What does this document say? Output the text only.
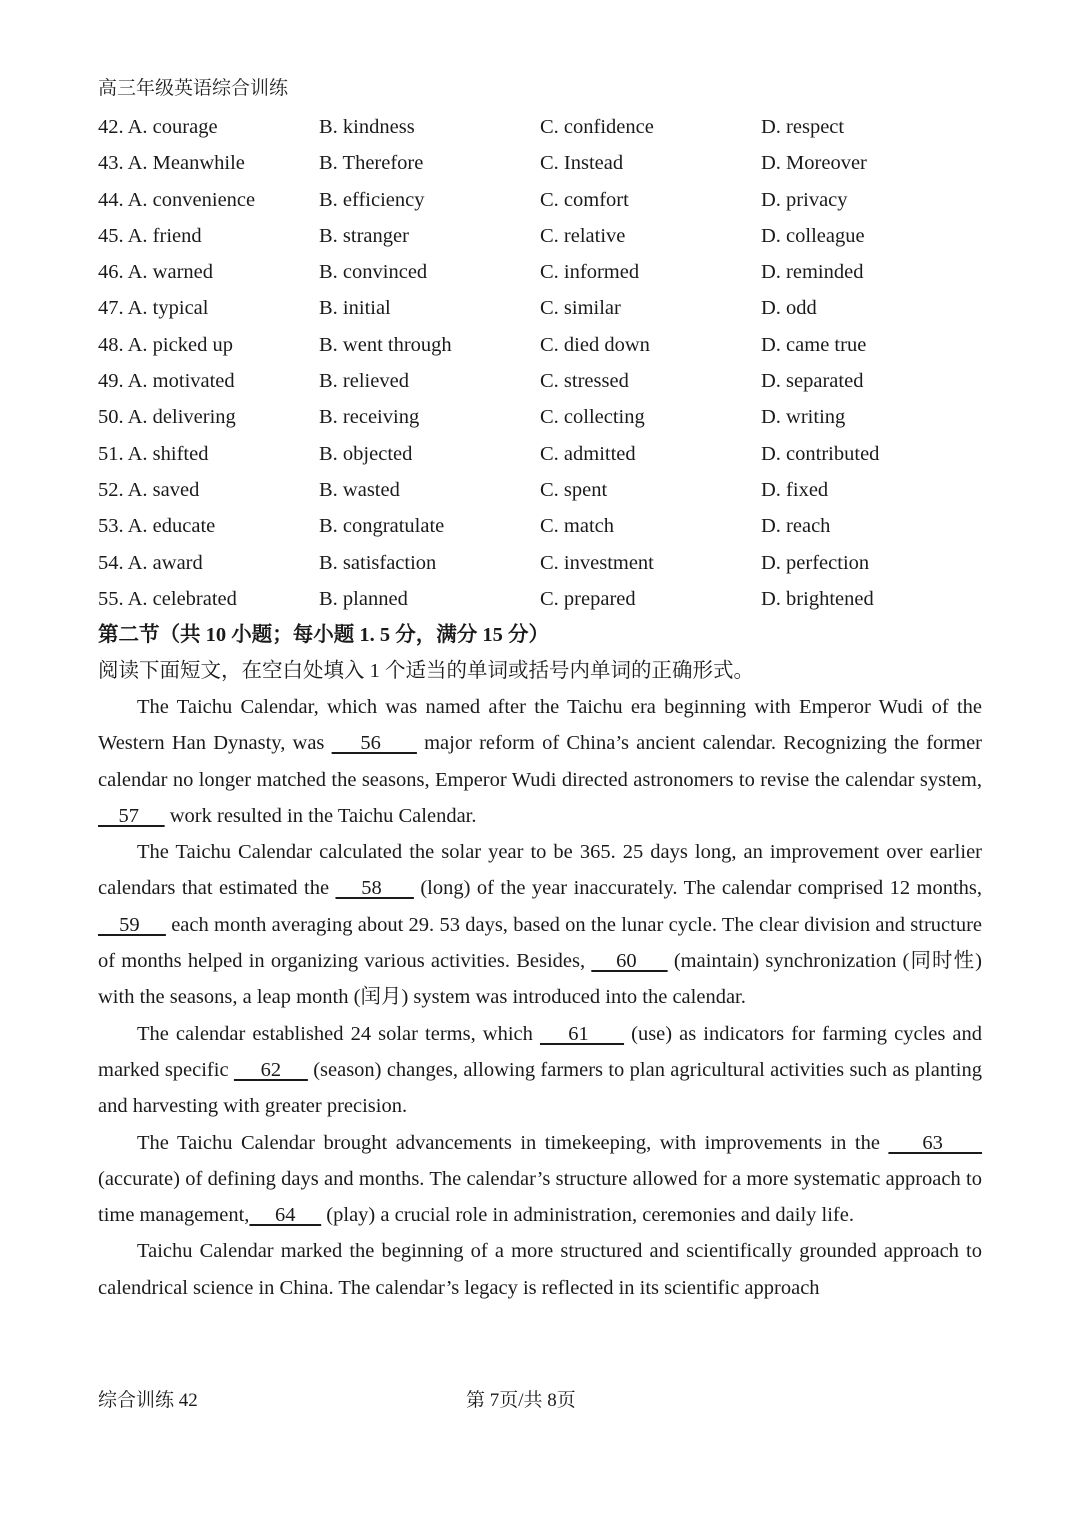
高三年级英语综合训练
42. A. courage	B. kindness	C. confidence	D. respect
43. A. Meanwhile	B. Therefore	C. Instead	D. Moreover
44. A. convenience	B. efficiency	C. comfort	D. privacy
45. A. friend	B. stranger	C. relative	D. colleague
46. A. warned	B. convinced	C. informed	D. reminded
47. A. typical	B. initial	C. similar	D. odd
48. A. picked up	B. went through	C. died down	D. came true
49. A. motivated	B. relieved	C. stressed	D. separated
50. A. delivering	B. receiving	C. collecting	D. writing
51. A. shifted	B. objected	C. admitted	D. contributed
52. A. saved	B. wasted	C. spent	D. fixed
53. A. educate	B. congratulate	C. match	D. reach
54. A. award	B. satisfaction	C. investment	D. perfection
55. A. celebrated	B. planned	C. prepared	D. brightened
第二节（共 10 小题；每小题 1. 5 分，满分 15 分）
阅读下面短文，在空白处填入 1 个适当的单词或括号内单词的正确形式。

The Taichu Calendar, which was named after the Taichu era beginning with Emperor Wudi of the Western Han Dynasty, was     56      major reform of China’s ancient calendar. Recognizing the former calendar no longer matched the seasons, Emperor Wudi directed astronomers to revise the calendar system,     57      work resulted in the Taichu Calendar.

The Taichu Calendar calculated the solar year to be 365. 25 days long, an improvement over earlier calendars that estimated the     58      (long) of the year inaccurately. The calendar comprised 12 months,     59      each month averaging about 29. 53 days, based on the lunar cycle. The clear division and structure of months helped in organizing various activities. Besides,     60      (maintain) synchronization (同时性) with the seasons, a leap month (闰月) system was introduced into the calendar.

The calendar established 24 solar terms, which     61      (use) as indicators for farming cycles and marked specific      62      (season) changes, allowing farmers to plan agricultural activities such as planting and harvesting with greater precision.

The Taichu Calendar brought advancements in timekeeping, with improvements in the     63      (accurate) of defining days and months. The calendar’s structure allowed for a more systematic approach to time management,     64      (play) a crucial role in administration, ceremonies and daily life.

Taichu Calendar marked the beginning of a more structured and scientifically grounded approach to calendrical science in China. The calendar’s legacy is reflected in its scientific approach

综合训练 42	第 7页/共 8页
